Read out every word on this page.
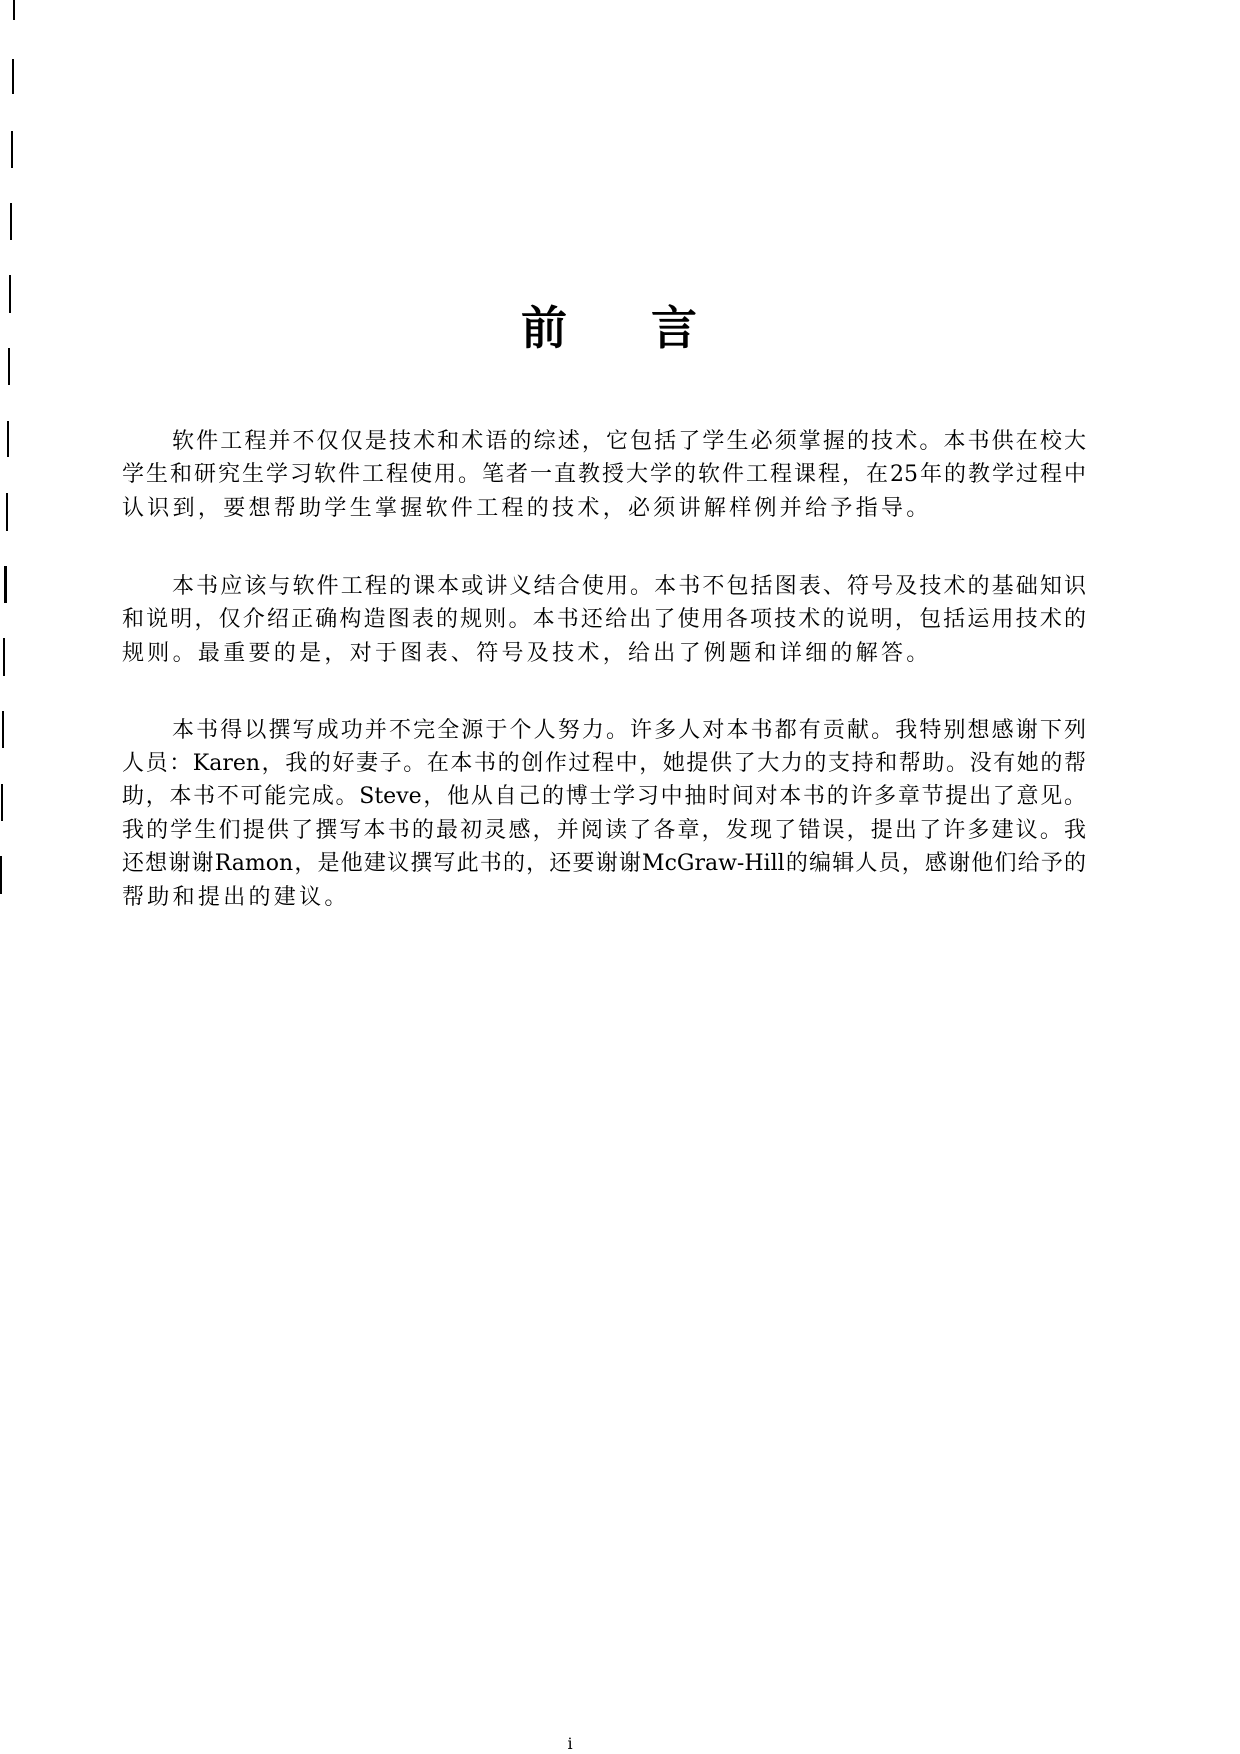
前 言
软件工程并不仅仅是技术和术语的综述，它包括了学生必须掌握的技术。本书供在校大
学生和研究生学习软件工程使用。笔者一直教授大学的软件工程课程，在25年的教学过程中
认识到，要想帮助学生掌握软件工程的技术，必须讲解样例并给予指导。
本书应该与软件工程的课本或讲义结合使用。本书不包括图表、符号及技术的基础知识
和说明，仅介绍正确构造图表的规则。本书还给出了使用各项技术的说明，包括运用技术的
规则。最重要的是，对于图表、符号及技术，给出了例题和详细的解答。
本书得以撰写成功并不完全源于个人努力。许多人对本书都有贡献。我特别想感谢下列
人员：Karen，我的好妻子。在本书的创作过程中，她提供了大力的支持和帮助。没有她的帮
助，本书不可能完成。Steve，他从自己的博士学习中抽时间对本书的许多章节提出了意见。
我的学生们提供了撰写本书的最初灵感，并阅读了各章，发现了错误，提出了许多建议。我
还想谢谢Ramon，是他建议撰写此书的，还要谢谢McGraw-Hill的编辑人员，感谢他们给予的
帮助和提出的建议。
i
